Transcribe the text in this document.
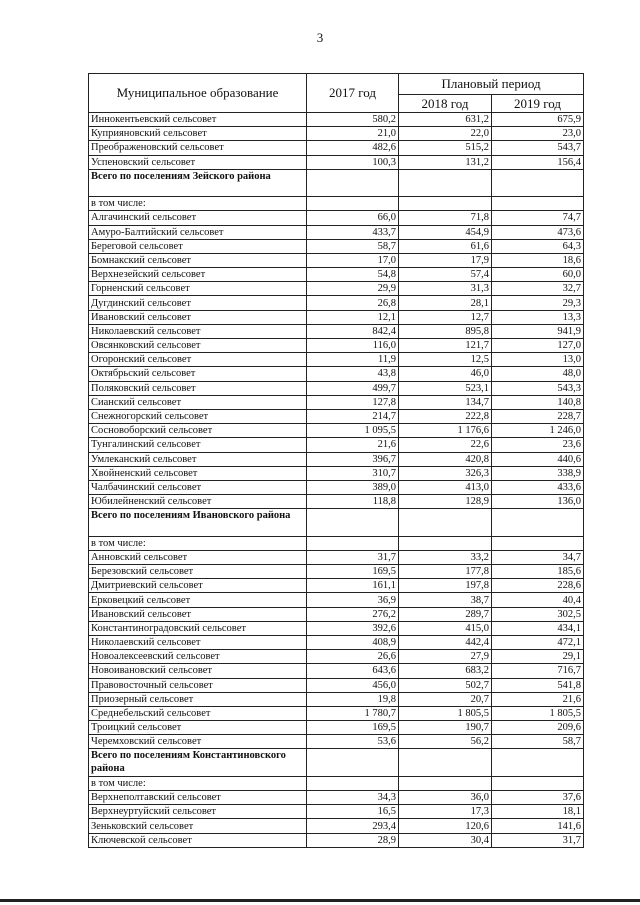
3
Муниципальное образование	2017 год	Плановый период	
		2018 год	2019 год
Иннокентьевский сельсовет	580,2	631,2	675,9
Куприяновский сельсовет	21,0	22,0	23,0
Преображеновский сельсовет	482,6	515,2	543,7
Успеновский сельсовет	100,3	131,2	156,4
Всего по поселениям Зейского района			
в том числе:			
Алгачинский сельсовет	66,0	71,8	74,7
Амуро-Балтийский сельсовет	433,7	454,9	473,6
Береговой сельсовет	58,7	61,6	64,3
Бомнакский сельсовет	17,0	17,9	18,6
Верхнезейский сельсовет	54,8	57,4	60,0
Горненский сельсовет	29,9	31,3	32,7
Дугдинский сельсовет	26,8	28,1	29,3
Ивановский сельсовет	12,1	12,7	13,3
Николаевский сельсовет	842,4	895,8	941,9
Овсянковский сельсовет	116,0	121,7	127,0
Огоронский сельсовет	11,9	12,5	13,0
Октябрьский сельсовет	43,8	46,0	48,0
Поляковский сельсовет	499,7	523,1	543,3
Сианский сельсовет	127,8	134,7	140,8
Снежногорский сельсовет	214,7	222,8	228,7
Сосновоборский сельсовет	1 095,5	1 176,6	1 246,0
Тунгалинский сельсовет	21,6	22,6	23,6
Умлеканский сельсовет	396,7	420,8	440,6
Хвойненский сельсовет	310,7	326,3	338,9
Чалбачинский сельсовет	389,0	413,0	433,6
Юбилейненский сельсовет	118,8	128,9	136,0
Всего по поселениям Ивановского района			
в том числе:			
Анновский сельсовет	31,7	33,2	34,7
Березовский сельсовет	169,5	177,8	185,6
Дмитриевский сельсовет	161,1	197,8	228,6
Ерковецкий сельсовет	36,9	38,7	40,4
Ивановский сельсовет	276,2	289,7	302,5
Константиноградовский сельсовет	392,6	415,0	434,1
Николаевский сельсовет	408,9	442,4	472,1
Новоалексеевский сельсовет	26,6	27,9	29,1
Новоивановский сельсовет	643,6	683,2	716,7
Правовосточный сельсовет	456,0	502,7	541,8
Приозерный сельсовет	19,8	20,7	21,6
Среднебельский сельсовет	1 780,7	1 805,5	1 805,5
Троицкий сельсовет	169,5	190,7	209,6
Черемховский сельсовет	53,6	56,2	58,7
Всего по поселениям Константиновского района			
в том числе:			
Верхнеполтавский сельсовет	34,3	36,0	37,6
Верхнеуртуйский сельсовет	16,5	17,3	18,1
Зеньковский сельсовет	293,4	120,6	141,6
Ключевской сельсовет	28,9	30,4	31,7
